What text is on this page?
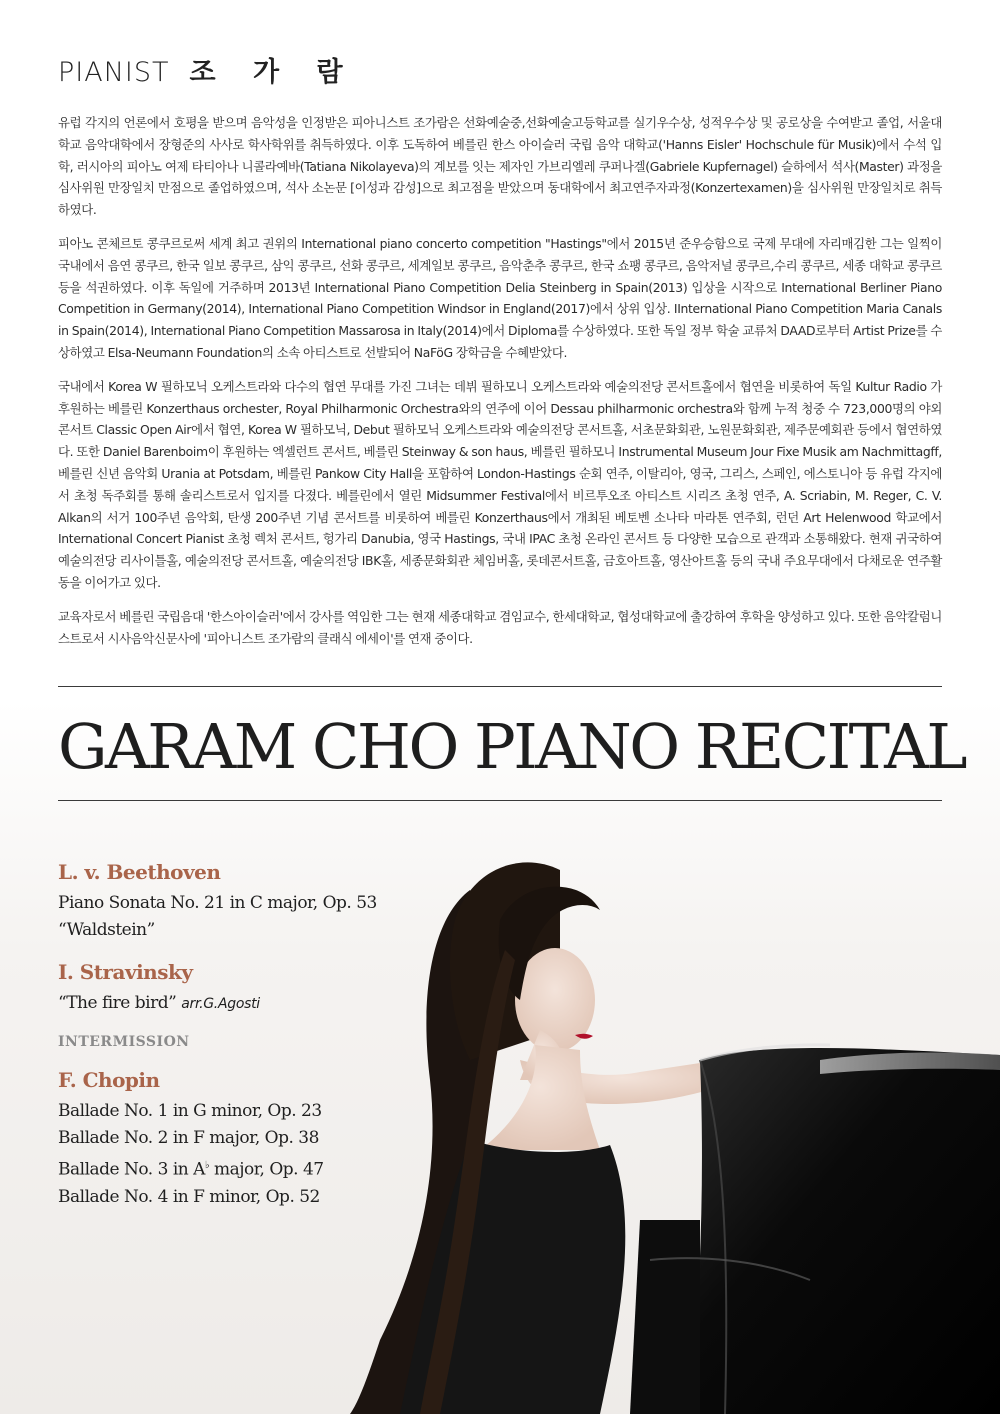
PIANIST 조 가 람

유럽 각지의 언론에서 호평을 받으며 음악성을 인정받은 피아니스트 조가람은 선화예술중,선화예술고등학교를 실기우수상, 성적우수상 및 공로상을 수여받고 졸업, 서울대학교 음악대학에서 장형준의 사사로 학사학위를 취득하였다. 이후 도독하여 베를린 한스 아이슬러 국립 음악 대학교('Hanns Eisler' Hochschule für Musik)에서 수석 입학, 러시아의 피아노 여제 타티아나 니콜라예바(Tatiana Nikolayeva)의 계보를 잇는 제자인 가브리엘레 쿠퍼나겔(Gabriele Kupfernagel) 슬하에서 석사(Master) 과정을 심사위원 만장일치 만점으로 졸업하였으며, 석사 소논문 [이성과 감성]으로 최고점을 받았으며 동대학에서 최고연주자과정(Konzertexamen)을 심사위원 만장일치로 취득하였다.

피아노 콘체르토 콩쿠르로써 세계 최고 권위의 International piano concerto competition "Hastings"에서 2015년 준우승함으로 국제 무대에 자리매김한 그는 일찍이 국내에서 음연 콩쿠르, 한국 일보 콩쿠르, 삼익 콩쿠르, 선화 콩쿠르, 세계일보 콩쿠르, 음악춘추 콩쿠르, 한국 쇼팽 콩쿠르, 음악저널 콩쿠르,수리 콩쿠르, 세종 대학교 콩쿠르 등을 석권하였다. 이후 독일에 거주하며 2013년 International Piano Competition Delia Steinberg in Spain(2013) 입상을 시작으로 International Berliner Piano Competition in Germany(2014), International Piano Competition Windsor in England(2017)에서 상위 입상. IInternational Piano Competition Maria Canals in Spain(2014), International Piano Competition Massarosa in Italy(2014)에서 Diploma를 수상하였다. 또한 독일 정부 학술 교류처 DAAD로부터 Artist Prize를 수상하였고 Elsa-Neumann Foundation의 소속 아티스트로 선발되어 NaFöG 장학금을 수혜받았다.

국내에서 Korea W 필하모닉 오케스트라와 다수의 협연 무대를 가진 그녀는 데뷔 필하모니 오케스트라와 예술의전당 콘서트홀에서 협연을 비롯하여 독일 Kultur Radio 가 후원하는 베를린 Konzerthaus orchester, Royal Philharmonic Orchestra와의 연주에 이어 Dessau philharmonic orchestra와 함께 누적 청중 수 723,000명의 야외 콘서트 Classic Open Air에서 협연, Korea W 필하모닉, Debut 필하모닉 오케스트라와 예술의전당 콘서트홀, 서초문화회관, 노원문화회관, 제주문예회관 등에서 협연하였다. 또한 Daniel Barenboim이 후원하는 엑셀런트 콘서트, 베를린 Steinway & son haus, 베를린 필하모니 Instrumental Museum Jour Fixe Musik am Nachmittagff, 베를린 신년 음악회 Urania at Potsdam, 베를린 Pankow City Hall을 포함하여 London-Hastings 순회 연주, 이탈리아, 영국, 그리스, 스페인, 에스토니아 등 유럽 각지에서 초청 독주회를 통해 솔리스트로서 입지를 다졌다. 베를린에서 열린 Midsummer Festival에서 비르투오조 아티스트 시리즈 초청 연주, A. Scriabin, M. Reger, C. V. Alkan의 서거 100주년 음악회, 탄생 200주년 기념 콘서트를 비롯하여 베를린 Konzerthaus에서 개최된 베토벤 소나타 마라톤 연주회, 런던 Art Helenwood 학교에서 International Concert Pianist 초청 렉처 콘서트, 헝가리 Danubia, 영국 Hastings, 국내 IPAC 초청 온라인 콘서트 등 다양한 모습으로 관객과 소통해왔다. 현재 귀국하여 예술의전당 리사이틀홀, 예술의전당 콘서트홀, 예술의전당 IBK홀, 세종문화회관 체임버홀, 롯데콘서트홀, 금호아트홀, 영산아트홀 등의 국내 주요무대에서 다채로운 연주활동을 이어가고 있다.

교육자로서 베를린 국립음대 '한스아이슬러'에서 강사를 역임한 그는 현재 세종대학교 겸임교수, 한세대학교, 협성대학교에 출강하여 후학을 양성하고 있다. 또한 음악칼럼니스트로서 시사음악신문사에 '피아니스트 조가람의 클래식 에세이'를 연재 중이다.

GARAM CHO PIANO RECITAL

L. v. Beethoven

Piano Sonata No. 21 in C major, Op. 53

“Waldstein”

I. Stravinsky

“The fire bird” arr.G.Agosti

INTERMISSION

F. Chopin

Ballade No. 1 in G minor, Op. 23

Ballade No. 2 in F major, Op. 38

Ballade No. 3 in A♭ major, Op. 47

Ballade No. 4 in F minor, Op. 52
